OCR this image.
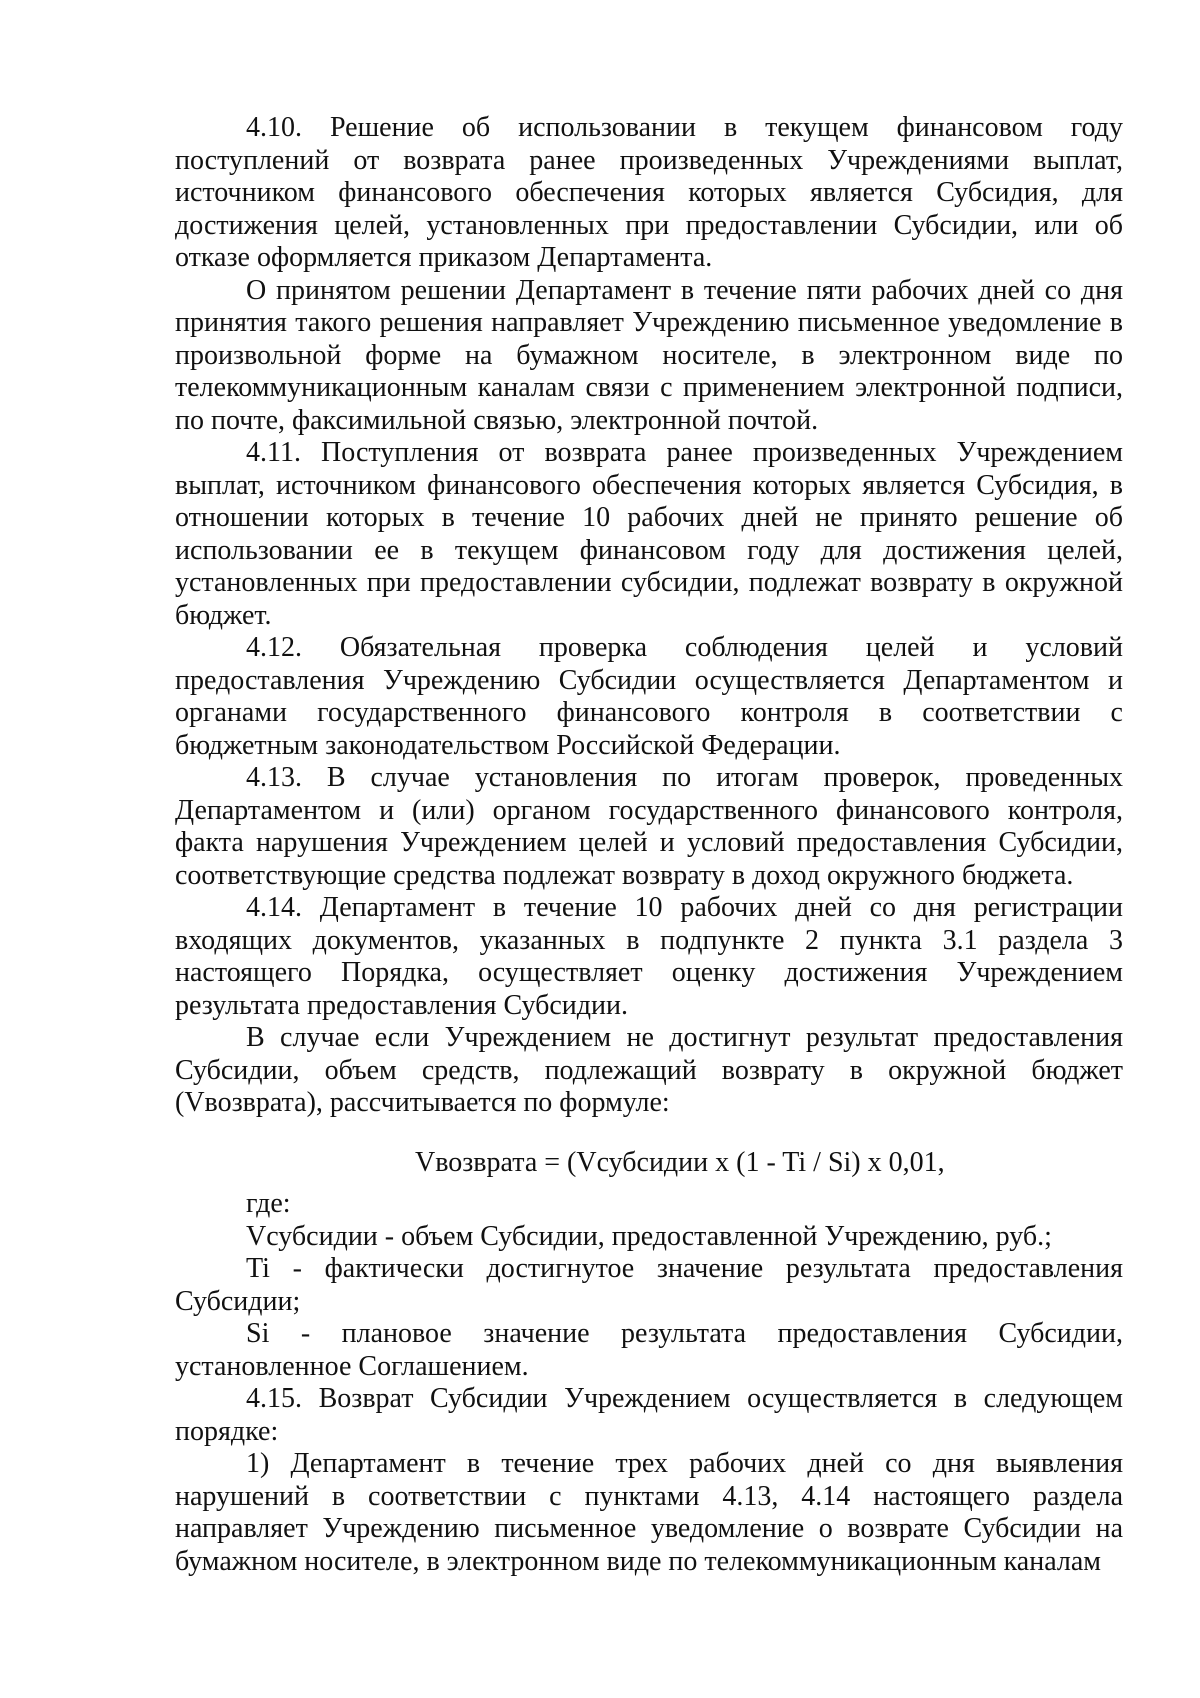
4.10. Решение об использовании в текущем финансовом году поступлений от возврата ранее произведенных Учреждениями выплат, источником финансового обеспечения которых является Субсидия, для достижения целей, установленных при предоставлении Субсидии, или об отказе оформляется приказом Департамента.

О принятом решении Департамент в течение пяти рабочих дней со дня принятия такого решения направляет Учреждению письменное уведомление в произвольной форме на бумажном носителе, в электронном виде по телекоммуникационным каналам связи с применением электронной подписи, по почте, факсимильной связью, электронной почтой.

4.11. Поступления от возврата ранее произведенных Учреждением выплат, источником финансового обеспечения которых является Субсидия, в отношении которых в течение 10 рабочих дней не принято решение об использовании ее в текущем финансовом году для достижения целей, установленных при предоставлении субсидии, подлежат возврату в окружной бюджет.

4.12. Обязательная проверка соблюдения целей и условий предоставления Учреждению Субсидии осуществляется Департаментом и органами государственного финансового контроля в соответствии с бюджетным законодательством Российской Федерации.

4.13. В случае установления по итогам проверок, проведенных Департаментом и (или) органом государственного финансового контроля, факта нарушения Учреждением целей и условий предоставления Субсидии, соответствующие средства подлежат возврату в доход окружного бюджета.

4.14. Департамент в течение 10 рабочих дней со дня регистрации входящих документов, указанных в подпункте 2 пункта 3.1 раздела 3 настоящего Порядка, осуществляет оценку достижения Учреждением результата предоставления Субсидии.

В случае если Учреждением не достигнут результат предоставления Субсидии, объем средств, подлежащий возврату в окружной бюджет (Vвозврата), рассчитывается по формуле:

Vвозврата = (Vсубсидии x (1 - Ti / Si) x 0,01,

где:

Vсубсидии - объем Субсидии, предоставленной Учреждению, руб.;

Ti - фактически достигнутое значение результата предоставления Субсидии;

Si - плановое значение результата предоставления Субсидии, установленное Соглашением.

4.15. Возврат Субсидии Учреждением осуществляется в следующем порядке:

1) Департамент в течение трех рабочих дней со дня выявления нарушений в соответствии с пунктами 4.13, 4.14 настоящего раздела направляет Учреждению письменное уведомление о возврате Субсидии на бумажном носителе, в электронном виде по телекоммуникационным каналам
